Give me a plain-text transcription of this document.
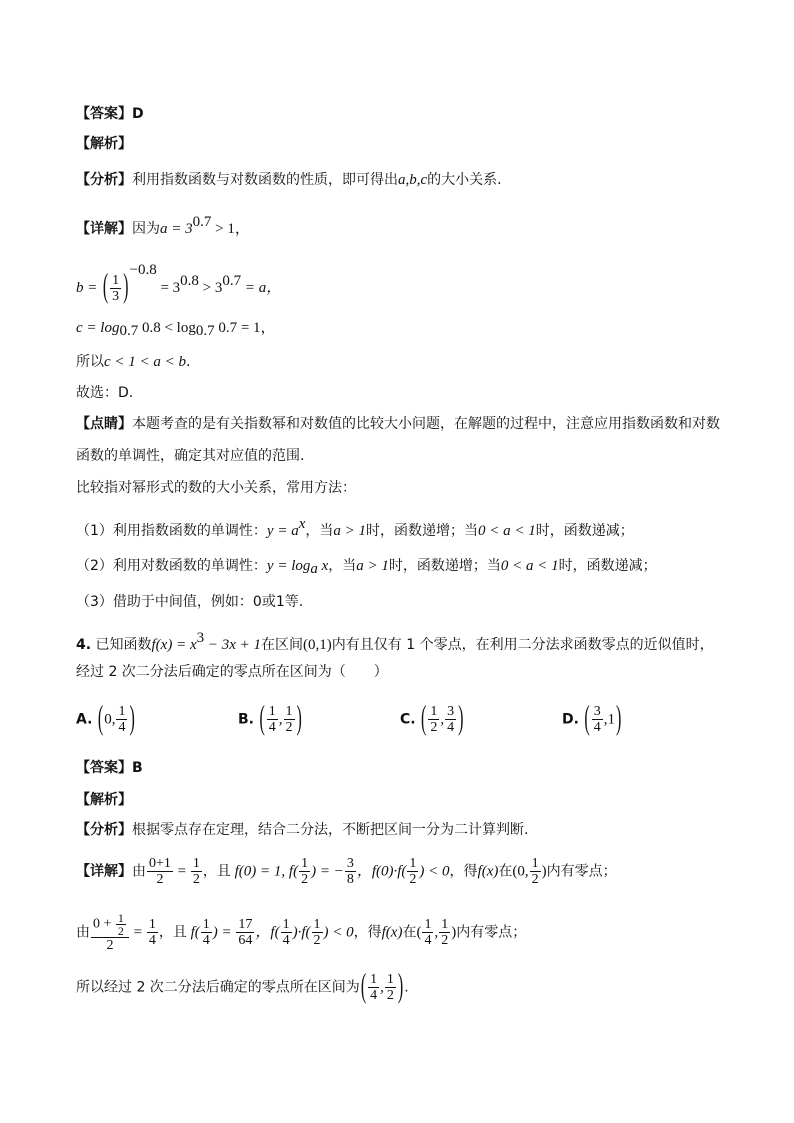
【答案】D
【解析】
【分析】利用指数函数与对数函数的性质，即可得出a,b,c的大小关系.
【详解】因为$a = 3^{0.7} > 1$，
b = ( $\frac{1}{3} )^{-0.8} = 3^{0.8} > 3^{0.7} = a$，
$c = \log_{0.7} 0.8 < \log_{0.7} 0.7 = 1$，
所以c < 1 < a < b.
故选：D.
【点睛】本题考查的是有关指数幂和对数值的比较大小问题，在解题的过程中，注意应用指数函数和对数
函数的单调性，确定其对应值的范围.
比较指对幂形式的数的大小关系，常用方法：
（1）利用指数函数的单调性：$y = a^x$，当a > 1时，函数递增；当0 < a < 1时，函数递减；
（2）利用对数函数的单调性：$y = \log_a x$，当a > 1时，函数递增；当0 < a < 1时，函数递减；
（3）借助于中间值，例如：0或1等.
4. 已知函数$f(x) = x^3 - 3x + 1$在区间(0,1)内有且仅有 1 个零点，在利用二分法求函数零点的近似值时，
经过 2 次二分法后确定的零点所在区间为（　　）
A. (0, $\frac{1}{4}$ )	B. ( $\frac{1}{4}$ , $\frac{1}{2}$ )	C. ( $\frac{1}{2}$ , $\frac{3}{4}$ )	D. ( $\frac{3}{4} ,1$)
【答案】B
【解析】
【分析】根据零点存在定理，结合二分法，不断把区间一分为二计算判断.
【详解】由 $\frac{0+1}{2} = \frac{1}{2}$ ，且 f(0) = 1, $f( \frac{1}{2}$ ) = − $\frac{3}{8}$ ，$f(0)\cdot f( \frac{1}{2}$ ) < 0，得f(x)在(0, $\frac{1}{2}$ )内有零点；
由 $\frac{0 + \frac{1}{2}}{2} = \frac{1}{4}$ ，且 $f( \frac{1}{4}$ ) = $\frac{17}{64}$ ，$f( \frac{1}{4} )\cdot f( \frac{1}{2}$ ) < 0，得f(x)在( $\frac{1}{4}$ , $\frac{1}{2}$ )内有零点；
所以经过 2 次二分法后确定的零点所在区间为( $\frac{1}{4}$ , $\frac{1}{2}$ ).
